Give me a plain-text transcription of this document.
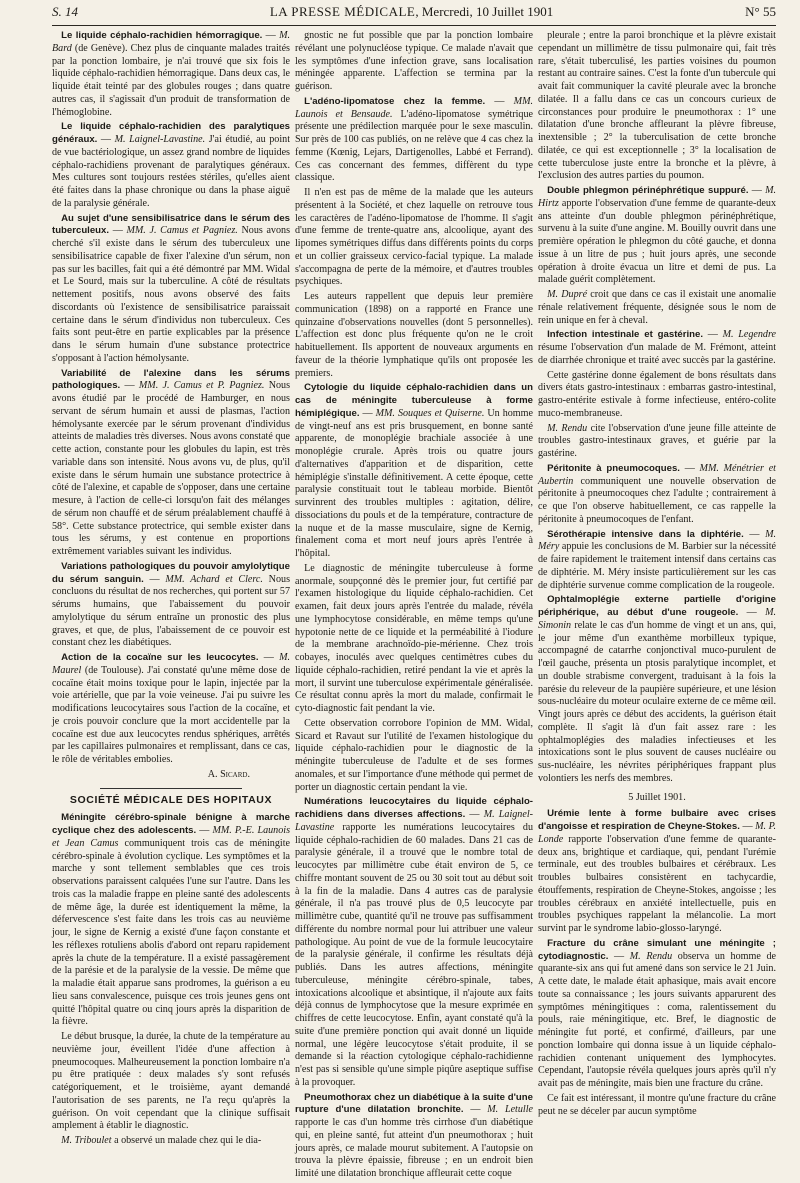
S. 14	LA PRESSE MÉDICALE, Mercredi, 10 Juillet 1901	N° 55

Le liquide céphalo-rachidien hémorragique. — M. Bard (de Genève). Chez plus de cinquante malades traités par la ponction lombaire, je n'ai trouvé que six fois le liquide céphalo-rachidien hémorragique. Dans deux cas, le liquide était teinté par des globules rouges ; dans quatre autres cas, il s'agissait d'un produit de transformation de l'hémoglobine.

Le liquide céphalo-rachidien des paralytiques généraux. — M. Laignel-Lavastine. J'ai étudié, au point de vue bactériologique, un assez grand nombre de liquides céphalo-rachidiens provenant de paralytiques généraux. Mes cultures sont toujours restées stériles, qu'elles aient été faites dans la phase chronique ou dans la phase aiguë de la paralysie générale.

Au sujet d'une sensibilisatrice dans le sérum des tuberculeux. — MM. J. Camus et Pagniez. Nous avons cherché s'il existe dans le sérum des tuberculeux une sensibilisatrice capable de fixer l'alexine d'un sérum, non pas sur les bacilles, fait qui a été démontré par MM. Widal et Le Sourd, mais sur la tuberculine. A côté de résultats nettement positifs, nous avons observé des faits discordants où l'existence de sensibilisatrice paraissait certaine dans le sérum d'individus non tuberculeux. Ces faits sont peut-être en partie explicables par la présence dans le sérum humain d'une substance protectrice s'opposant à l'action hémolysante.

Variabilité de l'alexine dans les sérums pathologiques. — MM. J. Camus et P. Pagniez. Nous avons étudié par le procédé de Hamburger, en nous servant de sérum humain et aussi de plasmas, l'action hémolysante exercée par le sérum provenant d'individus atteints de maladies très diverses. Nous avons constaté que cette action, constante pour les globules du lapin, est très variable dans son intensité. Nous avons vu, de plus, qu'il existe dans le sérum humain une substance protectrice à côté de l'alexine, et capable de s'opposer, dans une certaine mesure, à l'action de celle-ci lorsqu'on fait des mélanges de sérum non chauffé et de sérum préalablement chauffé à 58°. Cette substance protectrice, qui semble exister dans tous les sérums, y est contenue en proportions extrêmement variables suivant les individus.

Variations pathologiques du pouvoir amylolytique du sérum sanguin. — MM. Achard et Clerc. Nous concluons du résultat de nos recherches, qui portent sur 57 sérums humains, que l'abaissement du pouvoir amylolytique du sérum entraîne un pronostic des plus graves, et que, de plus, l'abaissement de ce pouvoir est constant chez les diabétiques.

Action de la cocaïne sur les leucocytes. — M. Maurel (de Toulouse). J'ai constaté qu'une même dose de cocaïne était moins toxique pour le lapin, injectée par la voie artérielle, que par la voie veineuse. J'ai pu suivre les modifications leucocytaires sous l'action de la cocaïne, et je crois pouvoir conclure que la mort accidentelle par la cocaïne est due aux leucocytes rendus sphériques, arrêtés par les capillaires pulmonaires et remplissant, dans ce cas, le rôle de véritables embolies.

A. Sicard.
SOCIÉTÉ MÉDICALE DES HOPITAUX

Méningite cérébro-spinale bénigne à marche cyclique chez des adolescents. — MM. P.-E. Launois et Jean Camus communiquent trois cas de méningite cérébro-spinale à évolution cyclique. Les symptômes et la marche y sont tellement semblables que ces trois observations paraissent calquées l'une sur l'autre. Dans les trois cas la maladie frappe en pleine santé des adolescents de même âge, la durée est identiquement la même, la défervescence s'est faite dans les trois cas au neuvième jour, le signe de Kernig a existé d'une façon constante et les réflexes rotuliens abolis d'abord ont reparu rapidement après la chute de la température. Il a existé passagèrement de la parésie et de la paralysie de la vessie. De même que la maladie était apparue sans prodromes, la guérison a eu lieu sans convalescence, puisque ces trois jeunes gens ont quitté l'hôpital quatre ou cinq jours après la disparition de la fièvre.

Le début brusque, la durée, la chute de la température au neuvième jour, éveillent l'idée d'une affection à pneumocoques. Malheureusement la ponction lombaire n'a pu être pratiquée : deux malades s'y sont refusés catégoriquement, et le troisième, ayant demandé l'autorisation de ses parents, ne l'a reçu qu'après la guérison. On voit cependant que la clinique suffisait amplement à établir le diagnostic.

M. Triboulet a observé un malade chez qui le dia-

gnostic ne fut possible que par la ponction lombaire révélant une polynucléose typique. Ce malade n'avait que les symptômes d'une infection grave, sans localisation méningée apparente. L'affection se termina par la guérison.

L'adéno-lipomatose chez la femme. — MM. Launois et Bensaude. L'adéno-lipomatose symétrique présente une prédilection marquée pour le sexe masculin. Sur près de 100 cas publiés, on ne relève que 4 cas chez la femme (Kœnig, Lejars, Dartigenolles, Labbé et Ferrand). Ces cas concernant des femmes, diffèrent du type classique.

Il n'en est pas de même de la malade que les auteurs présentent à la Société, et chez laquelle on retrouve tous les caractères de l'adéno-lipomatose de l'homme. Il s'agit d'une femme de trente-quatre ans, alcoolique, ayant des lipomes symétriques diffus dans différents points du corps et un collier graisseux cervico-facial typique. La malade s'accompagna de perte de la mémoire, et d'autres troubles psychiques.

Les auteurs rappellent que depuis leur première communication (1898) on a rapporté en France une quinzaine d'observations nouvelles (dont 5 personnelles). L'affection est donc plus fréquente qu'on ne le croit habituellement. Ils apportent de nouveaux arguments en faveur de la théorie lymphatique qu'ils ont proposée les premiers.

Cytologie du liquide céphalo-rachidien dans un cas de méningite tuberculeuse à forme hémiplégique. — MM. Souques et Quiserne. Un homme de vingt-neuf ans est pris brusquement, en bonne santé apparente, de monoplégie brachiale associée à une monoplégie crurale. Après trois ou quatre jours d'alternatives d'apparition et de disparition, cette hémiplégie s'installe définitivement. A cette époque, cette paralysie constituait tout le tableau morbide. Bientôt survinrent des troubles multiples : agitation, délire, dissociations du pouls et de la température, contracture de la nuque et de la masse musculaire, signe de Kernig, finalement coma et mort neuf jours après l'entrée à l'hôpital.

Le diagnostic de méningite tuberculeuse à forme anormale, soupçonné dès le premier jour, fut certifié par l'examen histologique du liquide céphalo-rachidien. Cet examen, fait deux jours après l'entrée du malade, révéla une lymphocytose considérable, en même temps qu'une hypotonie nette de ce liquide et la perméabilité à l'iodure de la membrane arachnoïdo-pie-mérienne. Chez trois cobayes, inoculés avec quelques centimètres cubes du liquide céphalo-rachidien, retiré pendant la vie et après la mort, il survint une tuberculose expérimentale généralisée. Ce résultat connu après la mort du malade, confirmait le cyto-diagnostic fait pendant la vie.

Cette observation corrobore l'opinion de MM. Widal, Sicard et Ravaut sur l'utilité de l'examen histologique du liquide céphalo-rachidien pour le diagnostic de la méningite tuberculeuse de l'adulte et de ses formes anomales, et sur l'importance d'une méthode qui permet de porter un diagnostic certain pendant la vie.

Numérations leucocytaires du liquide céphalo-rachidiens dans diverses affections. — M. Laignel-Lavastine rapporte les numérations leucocytaires du liquide céphalo-rachidien de 60 malades. Dans 21 cas de paralysie générale, il a trouvé que le nombre total de leucocytes par millimètre cube était environ de 5, ce chiffre montant souvent de 25 ou 30 soit tout au début soit à la fin de la maladie. Dans 4 autres cas de paralysie générale, il n'a pas trouvé plus de 0,5 leucocyte par millimètre cube, quantité qu'il ne trouve pas suffisamment différente du nombre normal pour lui attribuer une valeur pathologique. Au point de vue de la formule leucocytaire de la paralysie générale, il confirme les résultats déjà publiés. Dans les autres affections, méningite tuberculeuse, méningite cérébro-spinale, tabes, intoxications alcoolique et absintique, il n'ajoute aux faits déjà connus de lymphocytose que la mesure exprimée en chiffres de cette leucocytose. Enfin, ayant constaté qu'à la suite d'une première ponction qui avait donné un liquide normal, une légère leucocytose s'était produite, il se demande si la réaction cytologique céphalo-rachidienne n'est pas si sensible qu'une simple piqûre aseptique suffise à la provoquer.

Pneumothorax chez un diabétique à la suite d'une rupture d'une dilatation bronchite. — M. Letulle rapporte le cas d'un homme très cirrhose d'un diabétique qui, en pleine santé, fut atteint d'un pneumothorax ; huit jours après, ce malade mourut subitement. A l'autopsie on trouva la plèvre épaissie, fibreuse ; en un endroit bien limité une dilatation bronchique affleurait cette coque

pleurale ; entre la paroi bronchique et la plèvre existait cependant un millimètre de tissu pulmonaire qui, fait très rare, s'était tuberculisé, les parties voisines du poumon restant au contraire saines. C'est la fonte d'un tubercule qui avait fait communiquer la cavité pleurale avec la bronche dilatée. Il a fallu dans ce cas un concours curieux de circonstances pour produire le pneumothorax : 1° une dilatation d'une bronche affleurant la plèvre fibreuse, inextensible ; 2° la tuberculisation de cette bronche dilatée, ce qui est exceptionnelle ; 3° la localisation de cette tuberculose juste entre la bronche et la plèvre, à l'exclusion des autres parties du poumon.

Double phlegmon périnéphrétique suppuré. — M. Hirtz apporte l'observation d'une femme de quarante-deux ans atteinte d'un double phlegmon périnéphrétique, survenu à la suite d'une angine. M. Bouilly ouvrit dans une première opération le phlegmon du côté gauche, et donna issue à un litre de pus ; huit jours après, une seconde opération à droite évacua un litre et demi de pus. La malade guérit complètement.

M. Dupré croit que dans ce cas il existait une anomalie rénale relativement fréquente, désignée sous le nom de rein unique en fer à cheval.

Infection intestinale et gastérine. — M. Legendre résume l'observation d'un malade de M. Frémont, atteint de diarrhée chronique et traité avec succès par la gastérine.

Cette gastérine donne également de bons résultats dans divers états gastro-intestinaux : embarras gastro-intestinal, gastro-entérite estivale à forme infectieuse, entéro-colite muco-membraneuse.

M. Rendu cite l'observation d'une jeune fille atteinte de troubles gastro-intestinaux graves, et guérie par la gastérine.

Péritonite à pneumocoques. — MM. Ménétrier et Aubertin communiquent une nouvelle observation de péritonite à pneumocoques chez l'adulte ; contrairement à ce que l'on observe habituellement, ce cas rappelle la péritonite à pneumocoques de l'enfant.

Sérothérapie intensive dans la diphtérie. — M. Méry appuie les conclusions de M. Barbier sur la nécessité de faire rapidement le traitement intensif dans certains cas de diphtérie. M. Méry insiste particulièrement sur les cas de diphtérie survenue comme complication de la rougeole.

Ophtalmoplégie externe partielle d'origine périphérique, au début d'une rougeole. — M. Simonin relate le cas d'un homme de vingt et un ans, qui, le jour même d'un exanthème morbilleux typique, accompagné de catarrhe conjonctival muco-purulent de l'œil gauche, présenta un ptosis paralytique incomplet, et un double strabisme convergent, traduisant à la fois la parésie du releveur de la paupière supérieure, et une lésion sous-nucléaire du moteur oculaire externe de ce même œil. Vingt jours après ce début des accidents, la guérison était complète. Il s'agit là d'un fait assez rare : les ophtalmoplégies des maladies infectieuses et les intoxications sont le plus souvent de causes nucléaire ou sus-nucléaire, les névrites périphériques frappant plus volontiers les nerfs des membres.

5 Juillet 1901.

Urémie lente à forme bulbaire avec crises d'angoisse et respiration de Cheyne-Stokes. — M. P. Londe rapporte l'observation d'une femme de quarante-deux ans, brightique et cardiaque, qui, pendant l'urémie terminale, eut des troubles bulbaires et cérébraux. Les troubles bulbaires consistèrent en tachycardie, étouffements, respiration de Cheyne-Stokes, angoisse ; les troubles cérébraux en anxiété intellectuelle, puis en troubles psychiques rappelant la mélancolie. La mort survint par le syndrome labio-glosso-laryngé.

Fracture du crâne simulant une méningite ; cytodiagnostic. — M. Rendu observa un homme de quarante-six ans qui fut amené dans son service le 21 Juin. A cette date, le malade était aphasique, mais avait encore toute sa connaissance ; les jours suivants apparurent des symptômes méningitiques : coma, ralentissement du pouls, raie méningitique, etc. Bref, le diagnostic de méningite fut porté, et confirmé, d'ailleurs, par une ponction lombaire qui donna issue à un liquide céphalo-rachidien contenant uniquement des lymphocytes. Cependant, l'autopsie révéla quelques jours après qu'il n'y avait pas de méningite, mais bien une fracture du crâne.

Ce fait est intéressant, il montre qu'une fracture du crâne peut ne se déceler par aucun symptôme
